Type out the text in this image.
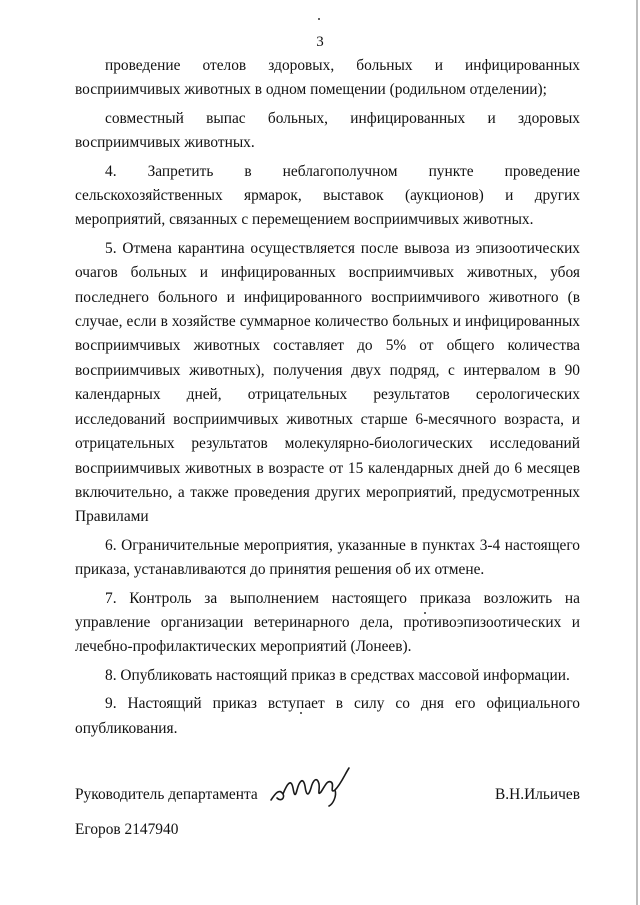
3

проведение отелов здоровых, больных и инфицированных восприимчивых животных в одном помещении (родильном отделении);

совместный выпас больных, инфицированных и здоровых восприимчивых животных.

4. Запретить в неблагополучном пункте проведение сельскохозяйственных ярмарок, выставок (аукционов) и других мероприятий, связанных с перемещением восприимчивых животных.

5. Отмена карантина осуществляется после вывоза из эпизоотических очагов больных и инфицированных восприимчивых животных, убоя последнего больного и инфицированного восприимчивого животного (в случае, если в хозяйстве суммарное количество больных и инфицированных восприимчивых животных составляет до 5% от общего количества восприимчивых животных), получения двух подряд, с интервалом в 90 календарных дней, отрицательных результатов серологических исследований восприимчивых животных старше 6-месячного возраста, и отрицательных результатов молекулярно-биологических исследований восприимчивых животных в возрасте от 15 календарных дней до 6 месяцев включительно, а также проведения других мероприятий, предусмотренных Правилами

6. Ограничительные мероприятия, указанные в пунктах 3-4 настоящего приказа, устанавливаются до принятия решения об их отмене.

7. Контроль за выполнением настоящего приказа возложить на управление организации ветеринарного дела, противоэпизоотических и лечебно-профилактических мероприятий (Лонеев).

8. Опубликовать настоящий приказ в средствах массовой информации.

9. Настоящий приказ вступает в силу со дня его официального опубликования.

Руководитель департамента	В.Н.Ильичев
Егоров 2147940
